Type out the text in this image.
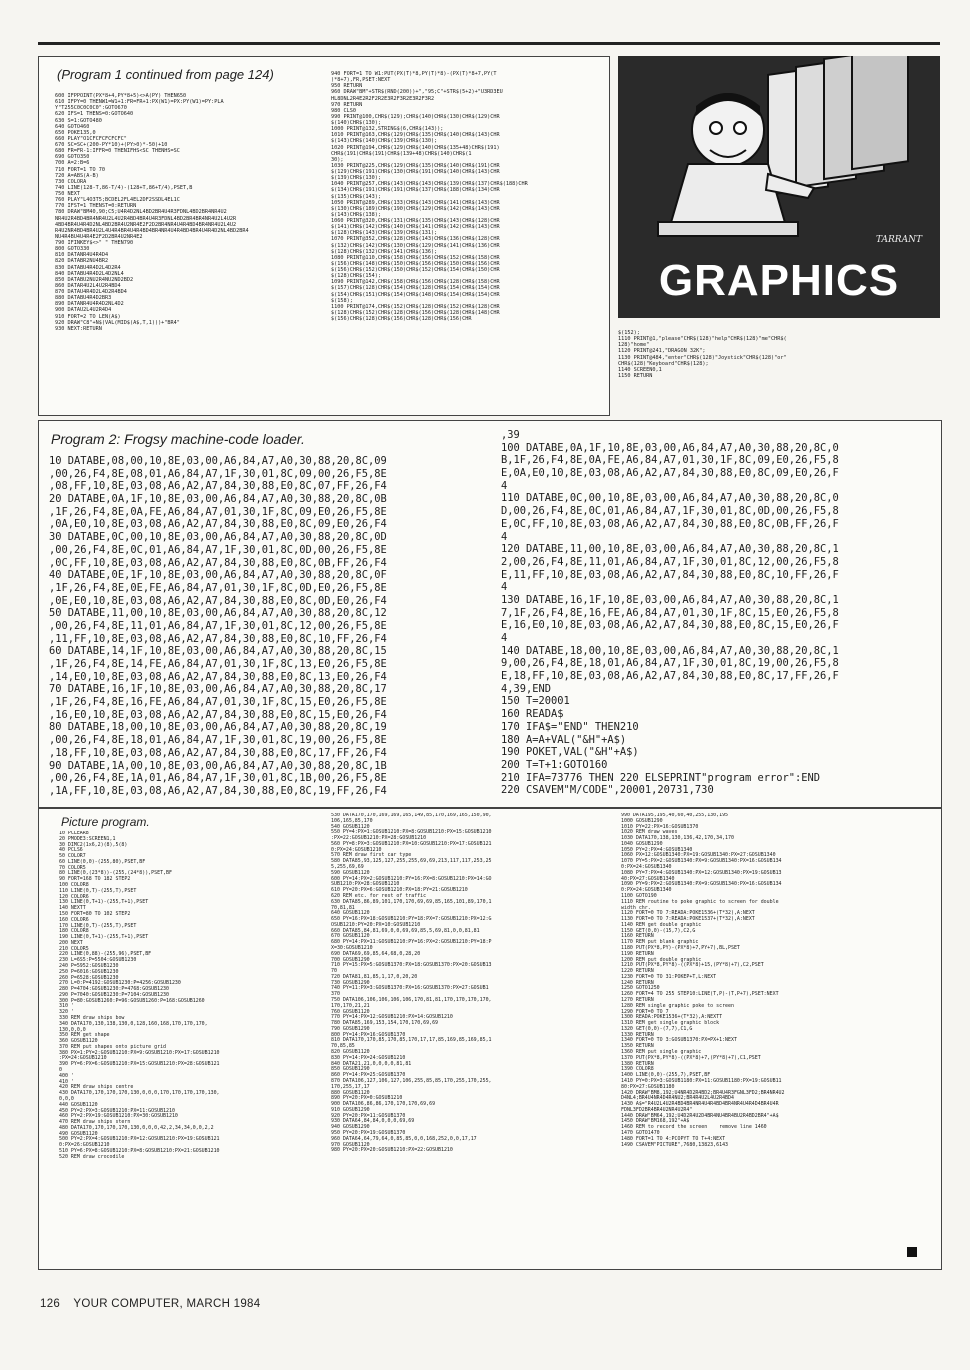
(Program 1 continued from page 124)
600 IFPPOINT(PX*8+4,PY*8+5)<>A(PY) THEN650
610 IFPY=0 THENW1=W1+1:FR=FR+1:PX(W1)=PX:PY(W1)=PY:PLA
Y"T255C0C0C0C0":GOTO670
620 IFS=1 THENS=0:GOTO640
630 S=1:GOTO480
640 GOTO460
650 POKE135,0
660 PLAY"O1CFCFCFCFCFC"
670 SC=SC+(200-PY*10)+(PY>0)*-50)+10
680 FR=FR-1:IFFR=0 THENIFHS<SC THENHS=SC
690 GOTO350
700 A=2:B=6
710 FORT=1 TO 70
720 A=ABS(A-B)
730 COLORA
740 LINE(128-T,86-T/4)-(128+T,86+T/4),PSET,B
750 NEXT
760 PLAY"L4O3T5;BCDEL2FL4EL2DF2SSDL4EL1C
770 IFST=1 THENST=0:RETURN
780 DRAW"BM40,90;C5;U4R4D2NL4BD2BR4U4R3FDNL4BD2BR4NR4U2
NR4U2R4BD4BR4NR4U2L4U2R4BD4BR4U4R3FDNL4BD2BR4BR4NR4U2L4U2R
4BD4BR4U4R4D2NL4BD2BR4U2NR4E2F2D2BR4NR4U4R4BD4BR4NR4U2L4U2
R4U2NR4BD4BR4U2L4U4R4BR4U4R4BD4BR4NR4U4R4BD4BR4U4R4D2NL4BD2BR4
NU4R4BU4U4R4E2F2D2BR4U2NR4E2
790 IFINKEY$<>" " THEN790
800 GOTO330
810 DATANR4U4R4D4
820 DATABR2NU4BR2
830 DATABU4R4D2L4D2R4
840 DATABU4R4D2L4D2NL4
850 DATABU2NU2R4NU2ND2BD2
860 DATAR4U2L4U2R4BD4
870 DATAU4R4D2L4D2R4BD4
880 DATABU4R4D2BR3
890 DATANR4U4R4D2NL4D2
900 DATAU2L4U2R4D4
910 FORT=2 TO LEN(A$)
920 DRAW"C8"+N$(VAL(MID$(A$,T,1)))+"BR4"
930 NEXT:RETURN
940 FORT=1 TO W1:PUT(PX(T)*8,PY(T)*8)-(PX(T)*8+7,PY(T
)*8+7),FR,PSET:NEXT
950 RETURN
960 DRAW"BM"+STR$(RND(200))+","95;C"+STR$(5+2)+"U3RD3EU
HL8DNL2R4E2R2F2R2E3R2F3R2E3R2F3R2
970 RETURN
980 CLS0
990 PRINT@100,CHR$(129);CHR$(140)CHR$(130)CHR$(129)CHR
$(140)CHR$(130);
1000 PRINT@132,STRING$(6,CHR$(143));
1010 PRINT@163,CHR$(129)CHR$(135)CHR$(140)CHR$(143)CHR
$(143)CHR$(140)CHR$(139)CHR$(130);
1020 PRINT@194,CHR$(129)CHR$(140)CHR$(135+48)CHR$(191)
CHR$(191)CHR$(191)CHR$(139+48)CHR$(140)CHR$(1
30);
1030 PRINT@225,CHR$(129)CHR$(135)CHR$(140)CHR$(191)CHR
$(129)CHR$(191)CHR$(130)CHR$(191)CHR$(140)CHR$(143)CHR
$(139)CHR$(130);
1040 PRINT@257,CHR$(143)CHR$(143)CHR$(139)CHR$(137)CHR$(188)CHR
$(134)CHR$(191)CHR$(191)CHR$(137)CHR$(188)CHR$(134)CHR
$(135)CHR$(143);
1050 PRINT@289,CHR$(133)CHR$(143)CHR$(141)CHR$(143)CHR
$(130)CHR$(189)CHR$(190)CHR$(129)CHR$(142)CHR$(143)CHR
$(143)CHR$(138);
1060 PRINT@320,CHR$(131)CHR$(135)CHR$(143)CHR$(128)CHR
$(141)CHR$(142)CHR$(140)CHR$(141)CHR$(142)CHR$(143)CHR
$(128)CHR$(143)CHR$(139)CHR$(131);
1070 PRINT@352,CHR$(128)CHR$(143)CHR$(136)CHR$(128)CHR
$(132)CHR$(142)CHR$(130)CHR$(129)CHR$(141)CHR$(136)CHR
$(128)CHR$(132)CHR$(141)CHR$(136);
1080 PRINT@110,CHR$(158)CHR$(156)CHR$(152)CHR$(158)CHR
$(156)CHR$(148)CHR$(150)CHR$(156)CHR$(150)CHR$(156)CHR
$(156)CHR$(152)CHR$(150)CHR$(152)CHR$(154)CHR$(150)CHR
$(128)CHR$(154);
1090 PRINT@142,CHR$(158)CHR$(156)CHR$(128)CHR$(158)CHR
$(157)CHR$(128)CHR$(154)CHR$(128)CHR$(154)CHR$(154)CHR
$(154)CHR$(151)CHR$(154)CHR$(148)CHR$(154)CHR$(154)CHR
$(158);
1100 PRINT@174,CHR$(152)CHR$(128)CHR$(152)CHR$(128)CHR
$(128)CHR$(152)CHR$(128)CHR$(156)CHR$(128)CHR$(148)CHR
$(156)CHR$(128)CHR$(156)CHR$(128)CHR$(156)CHR
TARRANT
GRAPHICS
$(152);
1110 PRINT@1,"please"CHR$(128)"help"CHR$(128)"me"CHR$(
128)"home"
1120 PRINT@241,"DRAGON 32K";
1130 PRINT@484,"enter"CHR$(128)"Joystick"CHR$(128)"or"
CHR$(128)"Keyboard"CHR$(128);
1140 SCREEN0,1
1150 RETURN
Program 2: Frogsy machine-code loader.
10 DATABE,08,00,10,8E,03,00,A6,84,A7,A0,30,88,20,8C,09
,00,26,F4,8E,08,01,A6,84,A7,1F,30,01,8C,09,00,26,F5,8E
,08,FF,10,8E,03,08,A6,A2,A7,84,30,88,E0,8C,07,FF,26,F4
20 DATABE,0A,1F,10,8E,03,00,A6,84,A7,A0,30,88,20,8C,0B
,1F,26,F4,8E,0A,FE,A6,84,A7,01,30,1F,8C,09,E0,26,F5,8E
,0A,E0,10,8E,03,08,A6,A2,A7,84,30,88,E0,8C,09,E0,26,F4
30 DATABE,0C,00,10,8E,03,00,A6,84,A7,A0,30,88,20,8C,0D
,00,26,F4,8E,0C,01,A6,84,A7,1F,30,01,8C,0D,00,26,F5,8E
,0C,FF,10,8E,03,08,A6,A2,A7,84,30,88,E0,8C,0B,FF,26,F4
40 DATABE,0E,1F,10,8E,03,00,A6,84,A7,A0,30,88,20,8C,0F
,1F,26,F4,8E,0E,FE,A6,84,A7,01,30,1F,8C,0D,E0,26,F5,8E
,0E,E0,10,8E,03,08,A6,A2,A7,84,30,88,E0,8C,0D,E0,26,F4
50 DATABE,11,00,10,8E,03,00,A6,84,A7,A0,30,88,20,8C,12
,00,26,F4,8E,11,01,A6,84,A7,1F,30,01,8C,12,00,26,F5,8E
,11,FF,10,8E,03,08,A6,A2,A7,84,30,88,E0,8C,10,FF,26,F4
60 DATABE,14,1F,10,8E,03,00,A6,84,A7,A0,30,88,20,8C,15
,1F,26,F4,8E,14,FE,A6,84,A7,01,30,1F,8C,13,E0,26,F5,8E
,14,E0,10,8E,03,08,A6,A2,A7,84,30,88,E0,8C,13,E0,26,F4
70 DATABE,16,1F,10,8E,03,00,A6,84,A7,A0,30,88,20,8C,17
,1F,26,F4,8E,16,FE,A6,84,A7,01,30,1F,8C,15,E0,26,F5,8E
,16,E0,10,8E,03,08,A6,A2,A7,84,30,88,E0,8C,15,E0,26,F4
80 DATABE,18,00,10,8E,03,00,A6,84,A7,A0,30,88,20,8C,19
,00,26,F4,8E,18,01,A6,84,A7,1F,30,01,8C,19,00,26,F5,8E
,18,FF,10,8E,03,08,A6,A2,A7,84,30,88,E0,8C,17,FF,26,F4
90 DATABE,1A,00,10,8E,03,00,A6,84,A7,A0,30,88,20,8C,1B
,00,26,F4,8E,1A,01,A6,84,A7,1F,30,01,8C,1B,00,26,F5,8E
,1A,FF,10,8E,03,08,A6,A2,A7,84,30,88,E0,8C,19,FF,26,F4
,39
100 DATABE,0A,1F,10,8E,03,00,A6,84,A7,A0,30,88,20,8C,0
B,1F,26,F4,8E,0A,FE,A6,84,A7,01,30,1F,8C,09,E0,26,F5,8
E,0A,E0,10,8E,03,08,A6,A2,A7,84,30,88,E0,8C,09,E0,26,F
4
110 DATABE,0C,00,10,8E,03,00,A6,84,A7,A0,30,88,20,8C,0
D,00,26,F4,8E,0C,01,A6,84,A7,1F,30,01,8C,0D,00,26,F5,8
E,0C,FF,10,8E,03,08,A6,A2,A7,84,30,88,E0,8C,0B,FF,26,F
4
120 DATABE,11,00,10,8E,03,00,A6,84,A7,A0,30,88,20,8C,1
2,00,26,F4,8E,11,01,A6,84,A7,1F,30,01,8C,12,00,26,F5,8
E,11,FF,10,8E,03,08,A6,A2,A7,84,30,88,E0,8C,10,FF,26,F
4
130 DATABE,16,1F,10,8E,03,00,A6,84,A7,A0,30,88,20,8C,1
7,1F,26,F4,8E,16,FE,A6,84,A7,01,30,1F,8C,15,E0,26,F5,8
E,16,E0,10,8E,03,08,A6,A2,A7,84,30,88,E0,8C,15,E0,26,F
4
140 DATABE,18,00,10,8E,03,00,A6,84,A7,A0,30,88,20,8C,1
9,00,26,F4,8E,18,01,A6,84,A7,1F,30,01,8C,19,00,26,F5,8
E,18,FF,10,8E,03,08,A6,A2,A7,84,30,88,E0,8C,17,FF,26,F
4,39,END
150 T=20001
160 READA$
170 IFA$="END" THEN210
180 A=A+VAL("&H"+A$)
190 POKET,VAL("&H"+A$)
200 T=T+1:GOTO160
210 IFA=73776 THEN 220 ELSEPRINT"program error":END
220 CSAVEM"M/CODE",20001,20731,730
Picture program.
10 PCLEAR8
20 PMODE3:SCREEN1,1
30 DIMC2(1x6,2)(8),5(8)
40 PCLS6
50 COLOR7
60 LINE(0,0)-(255,80),PSET,BF
70 COLOR5
80 LINE(0,(23*8))-(255,(24*8)),PSET,BF
90 FORT=168 TO 182 STEP2
100 COLOR8
110 LINE(0,T)-(255,T),PSET
120 COLOR6
130 LINE(0,T+1)-(255,T+1),PSET
140 NEXTT
150 FORT=80 TO 102 STEP2
160 COLOR6
170 LINE(0,T)-(255,T),PSET
180 COLOR8
190 LINE(0,T+1)-(255,T+1),PSET
200 NEXT
210 COLOR5
220 LINE(0,88)-(255,96),PSET,BF
230 L=6S5:P=5504:GOSUB1230
240 P=5952:GOSUB1230
250 P=6016:GOSUB1230
260 P=6528:GOSUB1230
270 L=0:P=4192:GOSUB1230:P=4256:GOSUB1230
280 P=4704:GOSUB1230:P=4768:GOSUB1230
290 P=7040:GOSUB1230:P=7104:GOSUB1230
300 P=80:GOSUB1260:P=96:GOSUB1260:P=168:GOSUB1260
310 '
320 '
330 REM draw ships bow
340 DATA170,130,138,130,0,128,160,168,170,170,170,
130,0,0,0
350 REM get shape
360 GOSUB1120
370 REM put shapes onto picture grid
380 PX=1:PY=2:GOSUB1210:PX=9:GOSUB1210:PX=17:GOSUB1210
:PX=24:GOSUB1210
390 PY=6:PX=6:GOSUB1210:PX=15:GOSUB1210:PX=28:GOSUB121
0
400 '
410 '
420 REM draw ships centre
430 DATA170,170,170,170,130,0,0,0,170,170,170,170,130,
0,0,0
440 GOSUB1120
450 PY=2:PX=3:GOSUB1210:PX=11:GOSUB1210
460 PY=2:PX=19:GOSUB1210:PX=30:GOSUB1210
470 REM draw ships stern
480 DATA170,170,170,170,130,0,0,0,42,2,34,34,0,0,2,2
490 GOSUB1120
500 PY=2:PX=4:GOSUB1210:PX=12:GOSUB1210:PX=19:GOSUB121
0:PX=26:GOSUB1210
510 PY=6:PX=8:GOSUB1210:PX=8:GOSUB1210:PX=21:GOSUB1210
520 REM draw crocodile
530 DATA170,170,169,169,165,149,85,170,169,165,150,90,
106,165,85,170
540 GOSUB1120
550 PY=4:PX=1:GOSUB1210:PX=8:GOSUB1210:PX=15:GOSUB1210
:PX=22:GOSUB1210:PX=28:GOSUB1210
560 PY=8:PX=3:GOSUB1210:PX=10:GOSUB1210:PX=17:GOSUB121
0:PX=24:GOSUB1210
570 REM draw first car type
580 DATA85,93,125,127,255,255,69,69,213,117,117,253,25
5,255,69,69
590 GOSUB1120
600 PY=14:PX=2:GOSUB1210:PY=16:PX=8:GOSUB1210:PX=14:GO
SUB1210:PX=28:GOSUB1210
610 PY=20:PX=6:GOSUB1210:PX=18:PY=21:GOSUB1210
620 REM etc. for rest of traffic
630 DATA85,86,89,101,170,170,69,69,85,165,101,89,170,1
70,81,81
640 GOSUB1120
650 PY=16:PX=18:GOSUB1210:PY=18:PX=7:GOSUB1210:PX=12:G
OSUB1210:PY=20:PX=10:GOSUB1210
660 DATA85,84,81,69,0,0,69,69,85,5,69,81,0,0,81,81
670 GOSUB1120
680 PY=14:PX=11:GOSUB1210:PY=16:PX=2:GOSUB1210:PY=18:P
X=30:GOSUB1210
690 DATA69,69,85,64,68,0,28,20
700 GOSUB1290
710 PY=15:PX=5:GOSUB1370:PX=18:GOSUB1370:PX=20:GOSUB13
70
720 DATA81,81,85,1,17,0,20,20
730 GOSUB1290
740 PY=11:PX=3:GOSUB1370:PX=16:GOSUB1370:PX=27:GOSUB1
370
750 DATA106,106,106,106,106,170,81,81,170,170,170,170,
170,170,21,21
760 GOSUB1120
770 PY=14:PX=12:GOSUB1210:PX=14:GOSUB1210
780 DATA85,169,153,154,170,170,69,69
790 GOSUB1290
800 PY=14:PX=16:GOSUB1370
810 DATA170,170,85,170,85,170,17,17,85,169,85,169,85,1
70,85,85
820 GOSUB1120
830 PY=14:PX=24:GOSUB1210
840 DATA21,21,0,0,0,0,81,81
850 GOSUB1290
860 PY=14:PX=25:GOSUB1370
870 DATA106,127,106,127,106,255,85,85,170,255,170,255,
170,255,17,17
880 GOSUB1120
890 PY=20:PX=0:GOSUB1210
900 DATA106,86,86,170,170,170,69,69
910 GOSUB1290
920 PY=20:PX=11:GOSUB1370
930 DATA64,84,84,0,0,0,69,69
940 GOSUB1290
950 PY=20:PX=19:GOSUB1370
960 DATA64,64,79,64,0,85,85,0,0,168,252,0,0,17,17
970 GOSUB1120
980 PY=20:PX=20:GOSUB1210:PX=22:GOSUB1210
990 DATA195,195,40,60,40,255,130,195
1000 GOSUB1290
1010 PY=22:PX=16:GOSUB1370
1020 REM draw waves
1030 DATA170,138,130,136,42,170,34,170
1040 GOSUB1290
1050 PY=2:PX=4:GOSUB1340
1060 PX=12:GOSUB1340:PX=19:GOSUB1340:PX=27:GOSUB1340
1070 PY=5:PX=2:GOSUB1340:PX=9:GOSUB1340:PX=16:GOSUB134
0:PX=24:GOSUB1340
1080 PY=7:PX=4:GOSUB1340:PX=12:GOSUB1340:PX=19:GOSUB13
40:PX=27:GOSUB1340
1090 PY=9:PX=2:GOSUB1340:PX=9:GOSUB1340:PX=16:GOSUB134
0:PX=24:GOSUB1340
1100 GOTO190
1110 REM routine to poke graphic to screen for double
width chr.
1120 FORT=0 TO 7:READA:POKE1536+(T*32),A:NEXT
1130 FORT=0 TO 7:READA:POKE1537+(T*32),A:NEXT
1140 REM get double graphic
1150 GET(0,0)-(15,7),C2,G
1160 RETURN
1170 REM put blank graphic
1180 PUT(PX*8,PY)-(PX*8)+7,PY+7),BL,PSET
1190 RETURN
1200 REM put double graphic
1210 PUT(PX*8,PY*8)-((PX*8)+15,(PY*8)+7),C2,PSET
1220 RETURN
1230 FORT=0 TO 31:POKEP+T,L:NEXT
1240 RETURN
1250 GOTO1250
1260 FORT=4 TO 255 STEP10:LINE(T,P)-(T,P+7),PSET:NEXT
1270 RETURN
1280 REM single graphic poke to screen
1290 FORT=0 TO 7
1300 READA:POKE1536+(T*32),A:NEXTT
1310 REM get single graphic block
1320 GET(0,0)-(7,7),C1,G
1330 RETURN
1340 FORT=0 TO 3:GOSUB1370:PX=PX+1:NEXT
1350 RETURN
1360 REM put single graphic
1370 PUT(PX*8,PY*8)-((PX*8)+7,(PY*8)+7),C1,PSET
1380 RETURN
1390 COLOR8
1400 LINE(0,0)-(255,7),PSET,BF
1410 PY=0:PX=3:GOSUB1180:PX=11:GOSUB1180:PX=19:GOSUB11
80:PX=27:GOSUB1180
1420 DRAW"BM8,192;U4NR4D2R4BD2;BR4U4R3FGNL3FD2;BR4NR4U2
D4NL4;BR4U4NR4D4R4NU2;BR4R4U2L4U2R4BD4
1430 A$="R4U2L4U2R4BD4BR4NR4U4R4BD4BR4NR4U4R4D4BR4U4R
FDNL3FD2BR4BR4U2NR4U2R4"
1440 DRAW"BM64,192;U4D2R4U2D4BR4NU4BR4BU2R4BD2BR4"+A$
1450 DRAW"BM168,192"+A$
1460 REM to record the screen    remove line 1460
1470 GOTO1470
1480 FORT=1 TO 4:PCOPYT TO T+4:NEXT
1490 CSAVEM"PICTURE",7680,13823,6143
126 YOUR COMPUTER, MARCH 1984
